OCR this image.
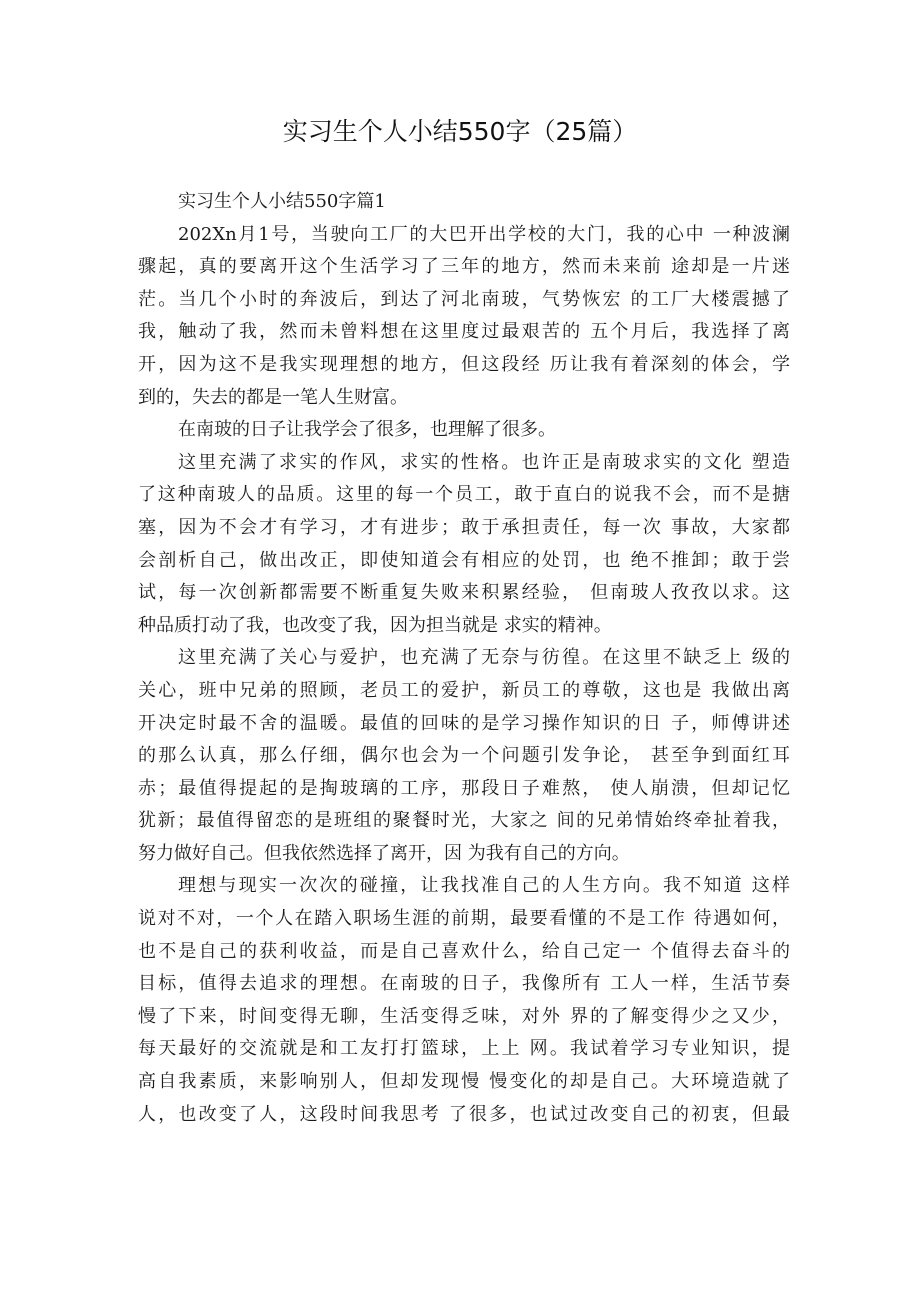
实习生个人小结550字（25篇）

实习生个人小结550字篇1

202Xn月1号，当驶向工厂的大巴开出学校的大门，我的心中 一种波澜
骤起，真的要离开这个生活学习了三年的地方，然而未来前 途却是一片迷
茫。当几个小时的奔波后，到达了河北南玻，气势恢宏 的工厂大楼震撼了
我，触动了我，然而未曾料想在这里度过最艰苦的 五个月后，我选择了离
开，因为这不是我实现理想的地方，但这段经 历让我有着深刻的体会，学
到的，失去的都是一笔人生财富。
在南玻的日子让我学会了很多，也理解了很多。
这里充满了求实的作风，求实的性格。也许正是南玻求实的文化 塑造
了这种南玻人的品质。这里的每一个员工，敢于直白的说我不会，而不是搪
塞，因为不会才有学习，才有进步；敢于承担责任，每一次 事故，大家都
会剖析自己，做出改正，即使知道会有相应的处罚，也 绝不推卸；敢于尝
试，每一次创新都需要不断重复失败来积累经验， 但南玻人孜孜以求。这
种品质打动了我，也改变了我，因为担当就是 求实的精神。
这里充满了关心与爱护，也充满了无奈与彷徨。在这里不缺乏上 级的
关心，班中兄弟的照顾，老员工的爱护，新员工的尊敬，这也是 我做出离
开决定时最不舍的温暖。最值的回味的是学习操作知识的日 子，师傅讲述
的那么认真，那么仔细，偶尔也会为一个问题引发争论， 甚至争到面红耳
赤；最值得提起的是掏玻璃的工序，那段日子难熬， 使人崩溃，但却记忆
犹新；最值得留恋的是班组的聚餐时光，大家之 间的兄弟情始终牵扯着我，
努力做好自己。但我依然选择了离开，因 为我有自己的方向。
理想与现实一次次的碰撞，让我找准自己的人生方向。我不知道 这样
说对不对，一个人在踏入职场生涯的前期，最要看懂的不是工作 待遇如何，
也不是自己的获利收益，而是自己喜欢什么，给自己定一 个值得去奋斗的
目标，值得去追求的理想。在南玻的日子，我像所有 工人一样，生活节奏
慢了下来，时间变得无聊，生活变得乏味，对外 界的了解变得少之又少，
每天最好的交流就是和工友打打篮球，上上 网。我试着学习专业知识，提
高自我素质，来影响别人，但却发现慢 慢变化的却是自己。大环境造就了
人，也改变了人，这段时间我思考 了很多，也试过改变自己的初衷，但最
